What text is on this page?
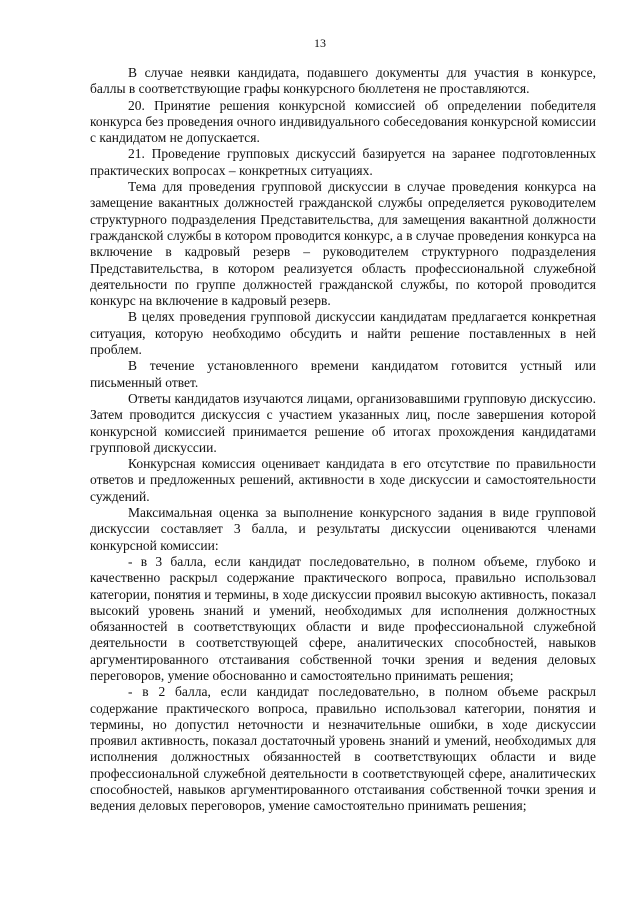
13

В случае неявки кандидата, подавшего документы для участия в конкурсе, баллы в соответствующие графы конкурсного бюллетеня не проставляются.

20. Принятие решения конкурсной комиссией об определении победителя конкурса без проведения очного индивидуального собеседования конкурсной комиссии с кандидатом не допускается.

21. Проведение групповых дискуссий базируется на заранее подготовленных практических вопросах – конкретных ситуациях.

Тема для проведения групповой дискуссии в случае проведения конкурса на замещение вакантных должностей гражданской службы определяется руководителем структурного подразделения Представительства, для замещения вакантной должности гражданской службы в котором проводится конкурс, а в случае проведения конкурса на включение в кадровый резерв – руководителем структурного подразделения Представительства, в котором реализуется область профессиональной служебной деятельности по группе должностей гражданской службы, по которой проводится конкурс на включение в кадровый резерв.

В целях проведения групповой дискуссии кандидатам предлагается конкретная ситуация, которую необходимо обсудить и найти решение поставленных в ней проблем.

В течение установленного времени кандидатом готовится устный или письменный ответ.

Ответы кандидатов изучаются лицами, организовавшими групповую дискуссию. Затем проводится дискуссия с участием указанных лиц, после завершения которой конкурсной комиссией принимается решение об итогах прохождения кандидатами групповой дискуссии.

Конкурсная комиссия оценивает кандидата в его отсутствие по правильности ответов и предложенных решений, активности в ходе дискуссии и самостоятельности суждений.

Максимальная оценка за выполнение конкурсного задания в виде групповой дискуссии составляет 3 балла, и результаты дискуссии оцениваются членами конкурсной комиссии:

- в 3 балла, если кандидат последовательно, в полном объеме, глубоко и качественно раскрыл содержание практического вопроса, правильно использовал категории, понятия и термины, в ходе дискуссии проявил высокую активность, показал высокий уровень знаний и умений, необходимых для исполнения должностных обязанностей в соответствующих области и виде профессиональной служебной деятельности в соответствующей сфере, аналитических способностей, навыков аргументированного отстаивания собственной точки зрения и ведения деловых переговоров, умение обоснованно и самостоятельно принимать решения;

- в 2 балла, если кандидат последовательно, в полном объеме раскрыл содержание практического вопроса, правильно использовал категории, понятия и термины, но допустил неточности и незначительные ошибки, в ходе дискуссии проявил активность, показал достаточный уровень знаний и умений, необходимых для исполнения должностных обязанностей в соответствующих области и виде профессиональной служебной деятельности в соответствующей сфере, аналитических способностей, навыков аргументированного отстаивания собственной точки зрения и ведения деловых переговоров, умение самостоятельно принимать решения;
